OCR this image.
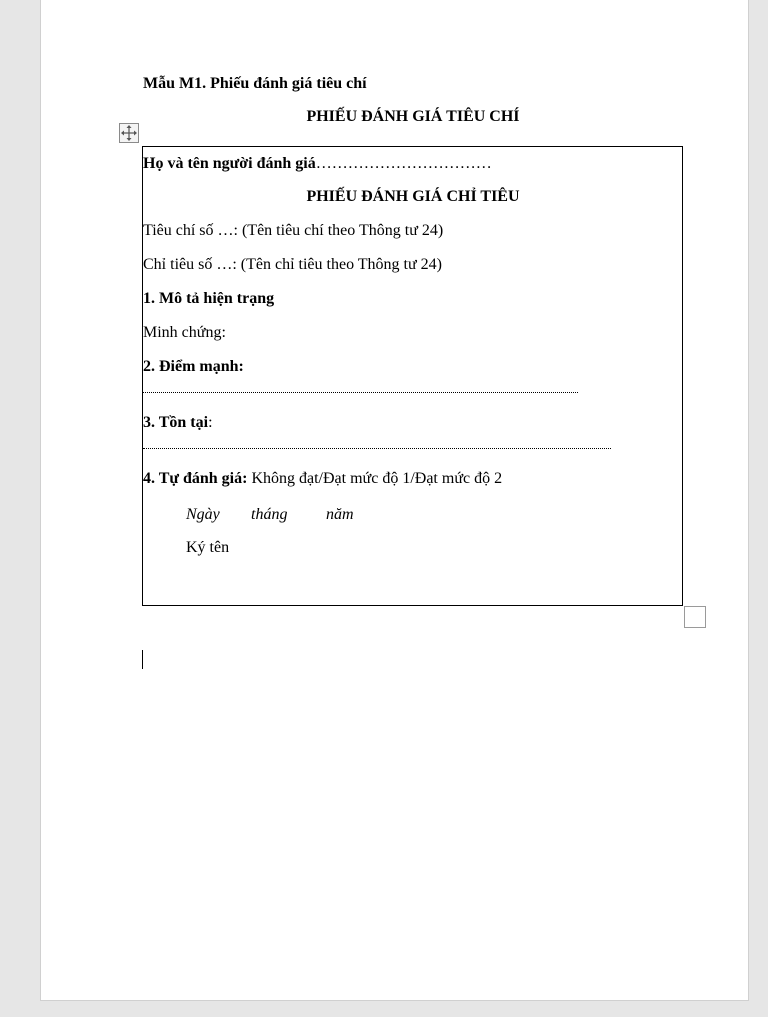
Mẫu M1. Phiếu đánh giá tiêu chí
PHIẾU ĐÁNH GIÁ TIÊU CHÍ
Họ và tên người đánh giá……………………………
PHIẾU ĐÁNH GIÁ CHỈ TIÊU
Tiêu chí số …: (Tên tiêu chí theo Thông tư 24)
Chỉ tiêu số …: (Tên chỉ tiêu theo Thông tư 24)
1. Mô tả hiện trạng
Minh chứng:
2. Điểm mạnh:
3. Tồn tại:
4. Tự đánh giá: Không đạt/Đạt mức độ 1/Đạt mức độ 2
Ngày tháng năm
Ký tên
